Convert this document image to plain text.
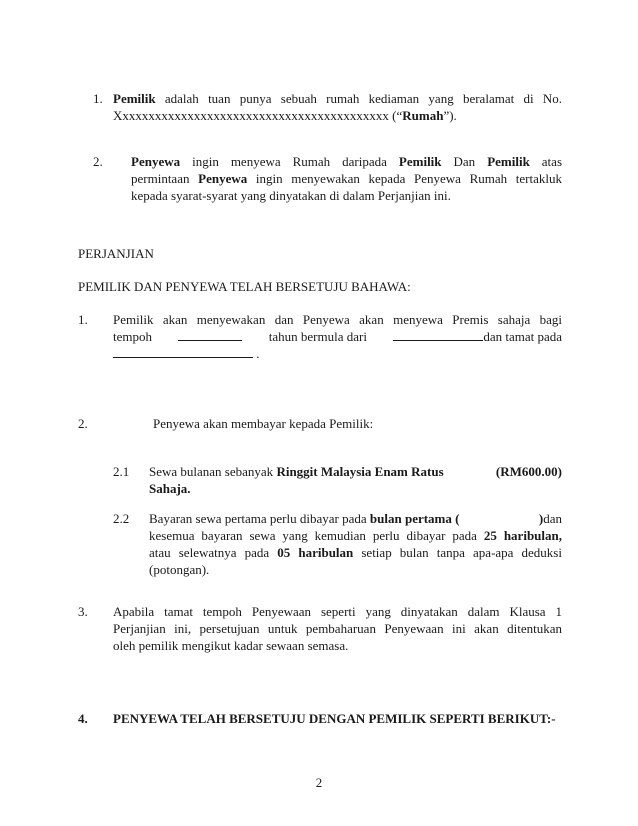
1. Pemilik adalah tuan punya sebuah rumah kediaman yang beralamat di No.
Xxxxxxxxxxxxxxxxxxxxxxxxxxxxxxxxxxxxxxxxxx (“Rumah”).
2. Penyewa ingin menyewa Rumah daripada Pemilik Dan Pemilik atas
permintaan Penyewa ingin menyewakan kepada Penyewa Rumah tertakluk
kepada syarat-syarat yang dinyatakan di dalam Perjanjian ini.
PERJANJIAN
PEMILIK DAN PENYEWA TELAH BERSETUJU BAHAWA:
1. Pemilik akan menyewakan dan Penyewa akan menyewa Premis sahaja bagi
tempoh	tahun bermula dari	dan tamat pada
.
2.	Penyewa akan membayar kepada Pemilik:
2.1 Sewa bulanan sebanyak Ringgit Malaysia Enam Ratus	(RM600.00)
Sahaja.
2.2 Bayaran sewa pertama perlu dibayar pada bulan pertama (	)dan
kesemua bayaran sewa yang kemudian perlu dibayar pada 25 haribulan,
atau selewatnya pada 05 haribulan setiap bulan tanpa apa-apa deduksi
(potongan).
3. Apabila tamat tempoh Penyewaan seperti yang dinyatakan dalam Klausa 1
Perjanjian ini, persetujuan untuk pembaharuan Penyewaan ini akan ditentukan
oleh pemilik mengikut kadar sewaan semasa.
4. PENYEWA TELAH BERSETUJU DENGAN PEMILIK SEPERTI BERIKUT:-
2
